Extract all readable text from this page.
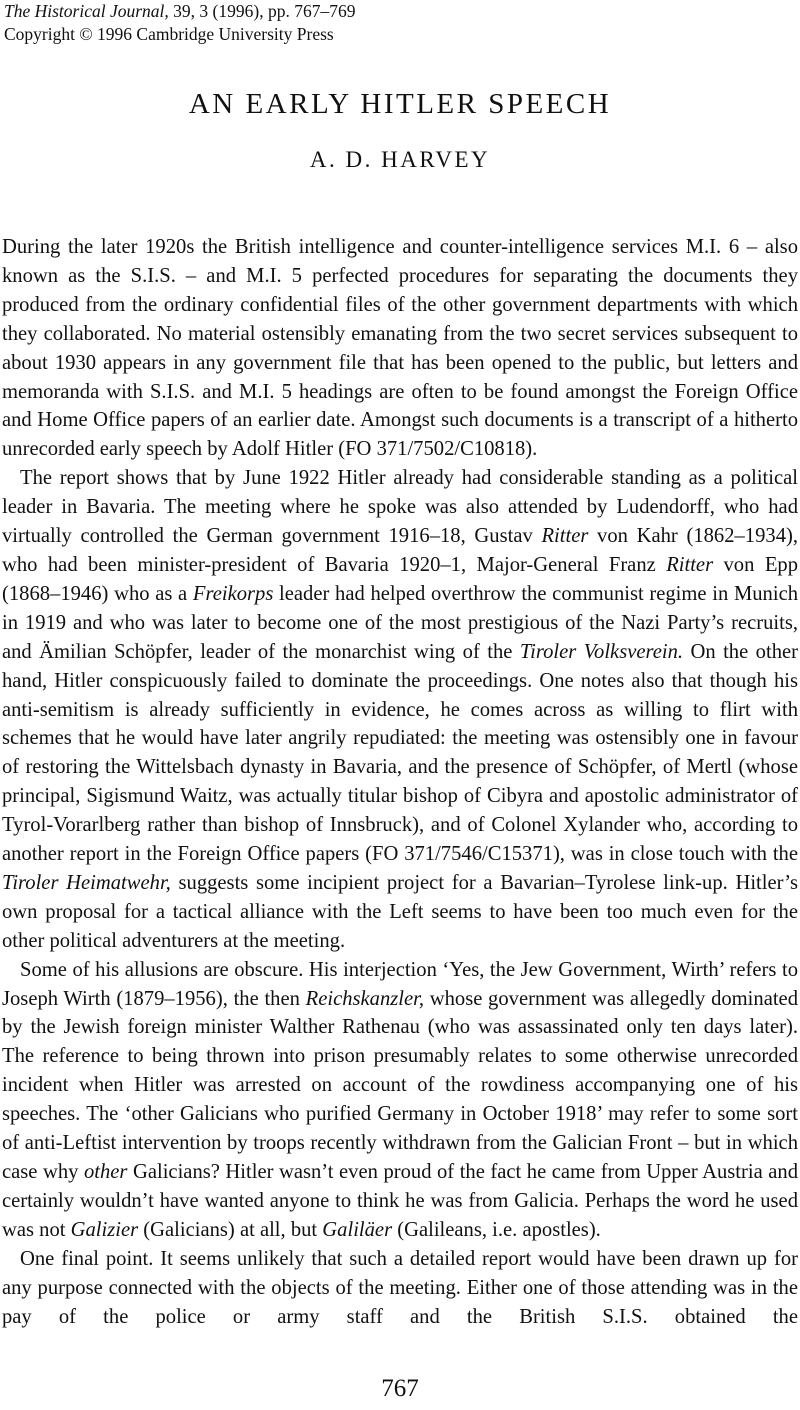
The Historical Journal, 39, 3 (1996), pp. 767–769
Copyright © 1996 Cambridge University Press
AN EARLY HITLER SPEECH
A. D. HARVEY

During the later 1920s the British intelligence and counter-intelligence services M.I. 6 – also known as the S.I.S. – and M.I. 5 perfected procedures for separating the documents they produced from the ordinary confidential files of the other government departments with which they collaborated. No material ostensibly emanating from the two secret services subsequent to about 1930 appears in any government file that has been opened to the public, but letters and memoranda with S.I.S. and M.I. 5 headings are often to be found amongst the Foreign Office and Home Office papers of an earlier date. Amongst such documents is a transcript of a hitherto unrecorded early speech by Adolf Hitler (FO 371/7502/C10818).

The report shows that by June 1922 Hitler already had considerable standing as a political leader in Bavaria. The meeting where he spoke was also attended by Ludendorff, who had virtually controlled the German government 1916–18, Gustav Ritter von Kahr (1862–1934), who had been minister-president of Bavaria 1920–1, Major-General Franz Ritter von Epp (1868–1946) who as a Freikorps leader had helped overthrow the communist regime in Munich in 1919 and who was later to become one of the most prestigious of the Nazi Party’s recruits, and Ämilian Schöpfer, leader of the monarchist wing of the Tiroler Volksverein. On the other hand, Hitler conspicuously failed to dominate the proceedings. One notes also that though his anti-semitism is already sufficiently in evidence, he comes across as willing to flirt with schemes that he would have later angrily repudiated: the meeting was ostensibly one in favour of restoring the Wittelsbach dynasty in Bavaria, and the presence of Schöpfer, of Mertl (whose principal, Sigismund Waitz, was actually titular bishop of Cibyra and apostolic administrator of Tyrol-Vorarlberg rather than bishop of Innsbruck), and of Colonel Xylander who, according to another report in the Foreign Office papers (FO 371/7546/C15371), was in close touch with the Tiroler Heimatwehr, suggests some incipient project for a Bavarian–Tyrolese link-up. Hitler’s own proposal for a tactical alliance with the Left seems to have been too much even for the other political adventurers at the meeting.

Some of his allusions are obscure. His interjection ‘Yes, the Jew Government, Wirth’ refers to Joseph Wirth (1879–1956), the then Reichskanzler, whose government was allegedly dominated by the Jewish foreign minister Walther Rathenau (who was assassinated only ten days later). The reference to being thrown into prison presumably relates to some otherwise unrecorded incident when Hitler was arrested on account of the rowdiness accompanying one of his speeches. The ‘other Galicians who purified Germany in October 1918’ may refer to some sort of anti-Leftist intervention by troops recently withdrawn from the Galician Front – but in which case why other Galicians? Hitler wasn’t even proud of the fact he came from Upper Austria and certainly wouldn’t have wanted anyone to think he was from Galicia. Perhaps the word he used was not Galizier (Galicians) at all, but Galiläer (Galileans, i.e. apostles).

One final point. It seems unlikely that such a detailed report would have been drawn up for any purpose connected with the objects of the meeting. Either one of those attending was in the pay of the police or army staff and the British S.I.S. obtained the

767
